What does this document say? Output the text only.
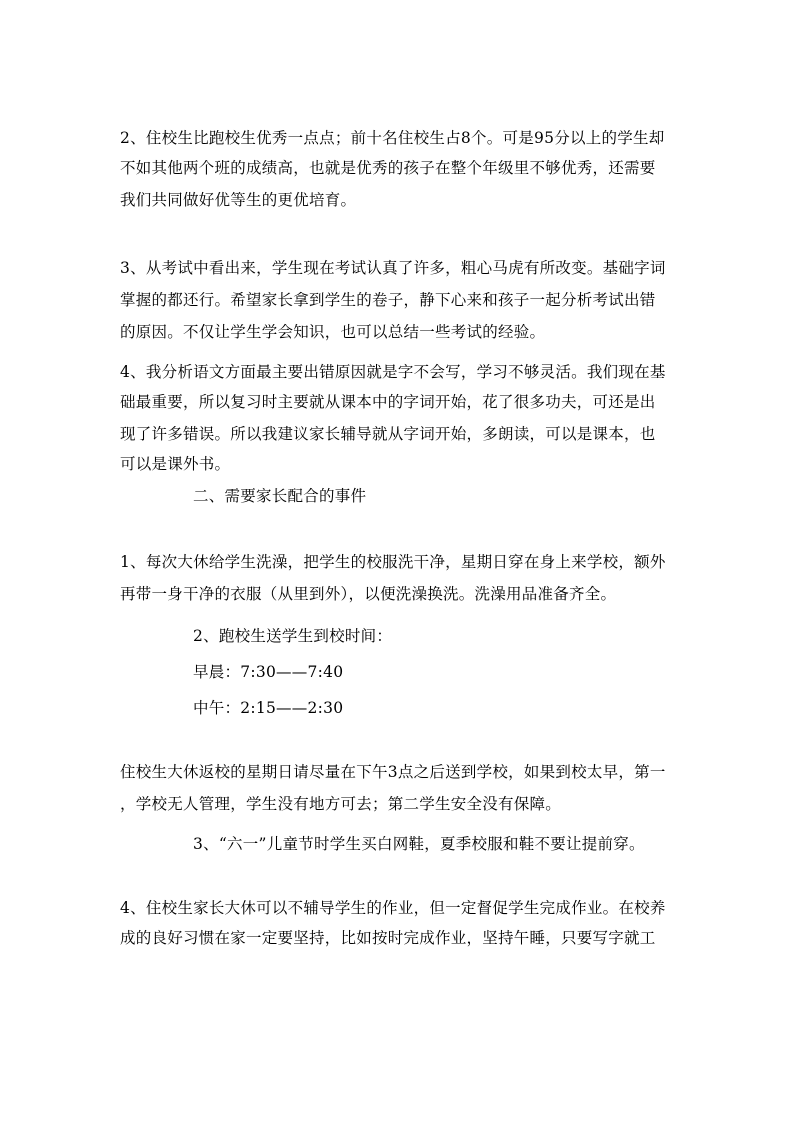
2、住校生比跑校生优秀一点点；前十名住校生占8个。可是95分以上的学生却
不如其他两个班的成绩高，也就是优秀的孩子在整个年级里不够优秀，还需要
我们共同做好优等生的更优培育。
3、从考试中看出来，学生现在考试认真了许多，粗心马虎有所改变。基础字词
掌握的都还行。希望家长拿到学生的卷子，静下心来和孩子一起分析考试出错
的原因。不仅让学生学会知识，也可以总结一些考试的经验。
4、我分析语文方面最主要出错原因就是字不会写，学习不够灵活。我们现在基
础最重要，所以复习时主要就从课本中的字词开始，花了很多功夫，可还是出
现了许多错误。所以我建议家长辅导就从字词开始，多朗读，可以是课本，也
可以是课外书。
二、需要家长配合的事件
1、每次大休给学生洗澡，把学生的校服洗干净，星期日穿在身上来学校，额外
再带一身干净的衣服（从里到外），以便洗澡换洗。洗澡用品准备齐全。
2、跑校生送学生到校时间：
早晨：7:30——7:40
中午：2:15——2:30
住校生大休返校的星期日请尽量在下午3点之后送到学校，如果到校太早，第一
，学校无人管理，学生没有地方可去；第二学生安全没有保障。
3、“六一”儿童节时学生买白网鞋，夏季校服和鞋不要让提前穿。
4、住校生家长大休可以不辅导学生的作业，但一定督促学生完成作业。在校养
成的良好习惯在家一定要坚持，比如按时完成作业，坚持午睡，只要写字就工
